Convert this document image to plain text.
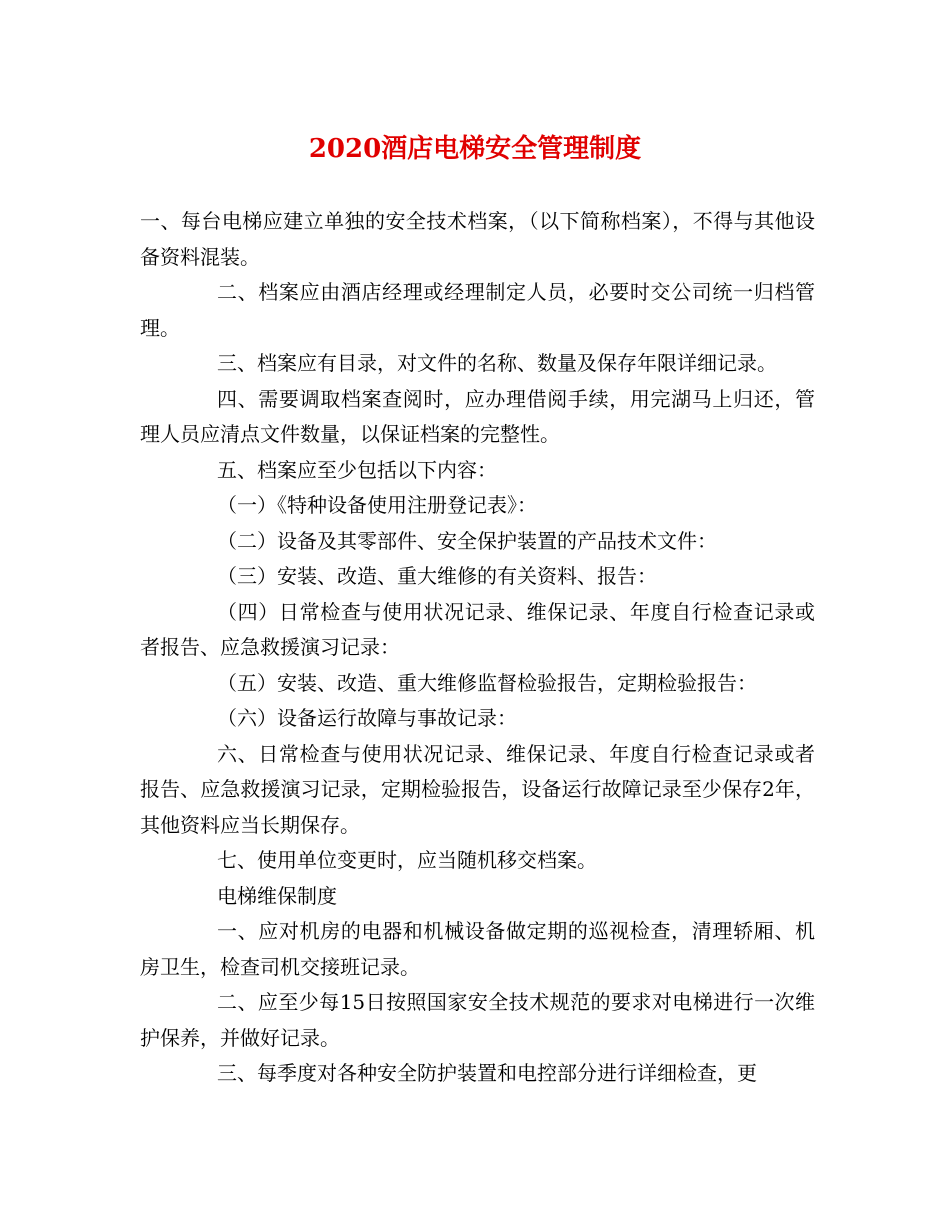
2020酒店电梯安全管理制度

一、每台电梯应建立单独的安全技术档案，（以下简称档案），不得与其他设备资料混装。

二、档案应由酒店经理或经理制定人员，必要时交公司统一归档管理。

三、档案应有目录，对文件的名称、数量及保存年限详细记录。

四、需要调取档案查阅时，应办理借阅手续，用完湖马上归还，管理人员应清点文件数量，以保证档案的完整性。

五、档案应至少包括以下内容：

（一）《特种设备使用注册登记表》：

（二）设备及其零部件、安全保护装置的产品技术文件：

（三）安装、改造、重大维修的有关资料、报告：

（四）日常检查与使用状况记录、维保记录、年度自行检查记录或者报告、应急救援演习记录：

（五）安装、改造、重大维修监督检验报告，定期检验报告：

（六）设备运行故障与事故记录：

六、日常检查与使用状况记录、维保记录、年度自行检查记录或者报告、应急救援演习记录，定期检验报告，设备运行故障记录至少保存2年，其他资料应当长期保存。

七、使用单位变更时，应当随机移交档案。

电梯维保制度

一、应对机房的电器和机械设备做定期的巡视检查，清理轿厢、机房卫生，检查司机交接班记录。

二、应至少每15日按照国家安全技术规范的要求对电梯进行一次维护保养，并做好记录。

三、每季度对各种安全防护装置和电控部分进行详细检查，更
